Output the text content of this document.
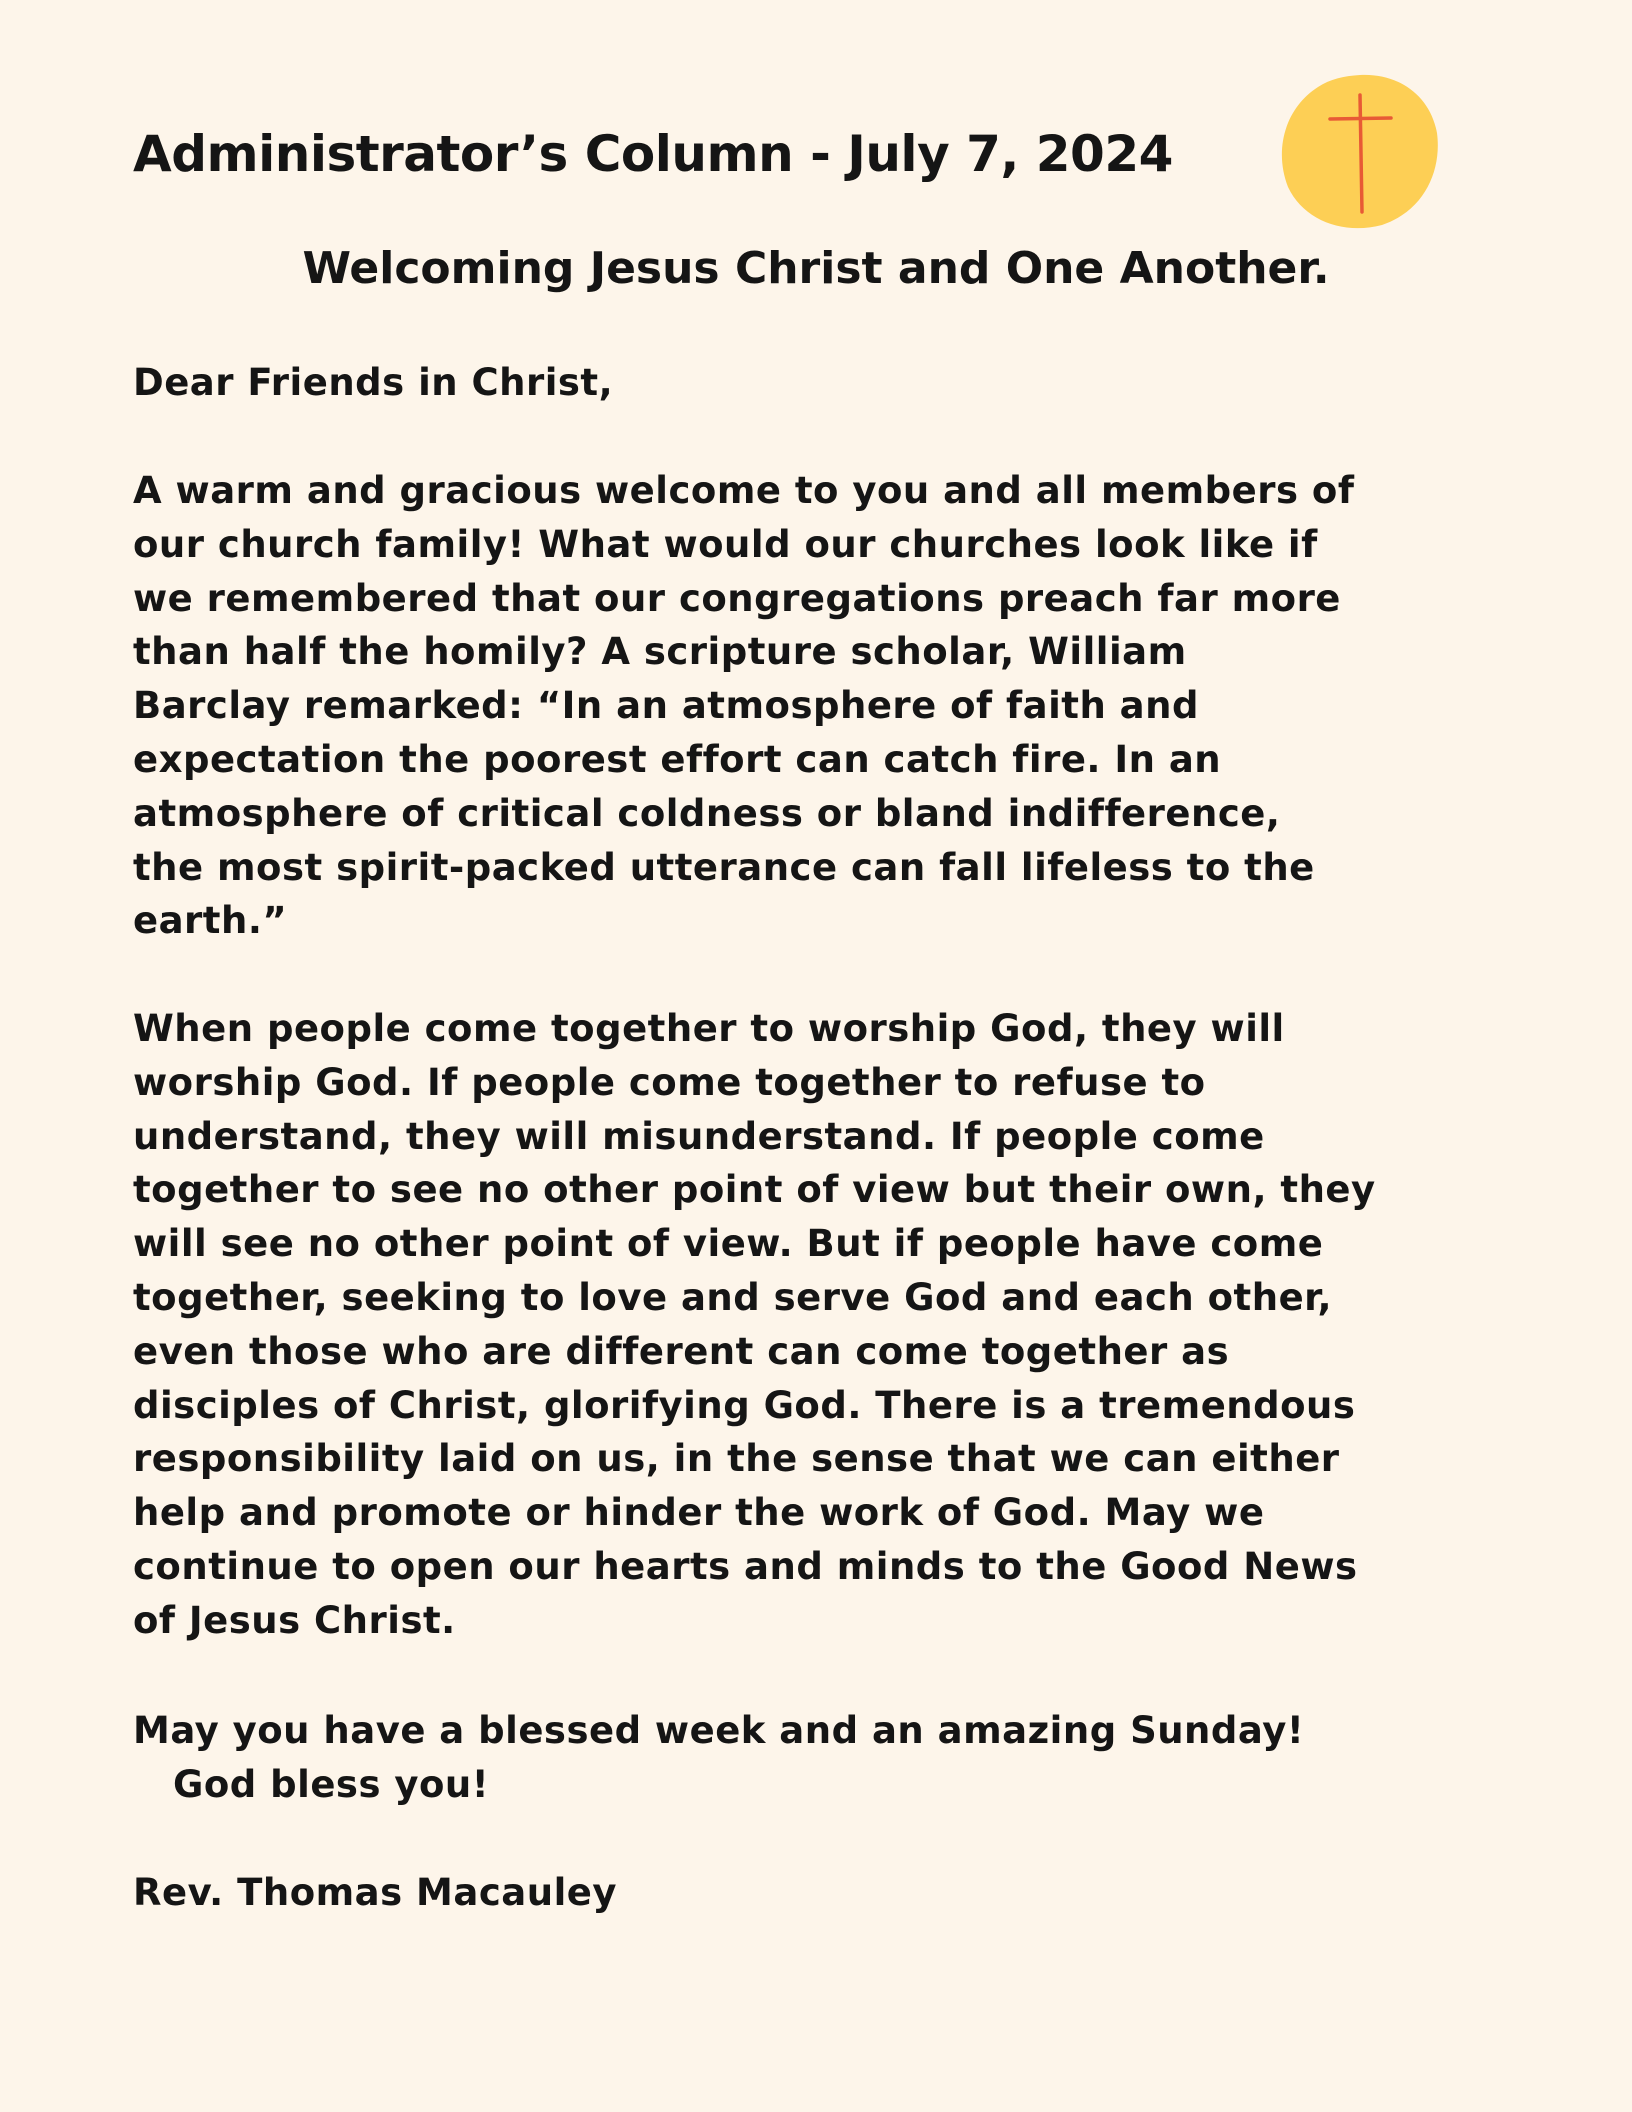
Administrator’s Column - July 7, 2024
Welcoming Jesus Christ and One Another.

Dear Friends in Christ,

A warm and gracious welcome to you and all members of
our church family! What would our churches look like if
we remembered that our congregations preach far more
than half the homily? A scripture scholar, William
Barclay remarked: “In an atmosphere of faith and
expectation the poorest effort can catch fire. In an
atmosphere of critical coldness or bland indifference,
the most spirit-packed utterance can fall lifeless to the
earth.”

When people come together to worship God, they will
worship God. If people come together to refuse to
understand, they will misunderstand. If people come
together to see no other point of view but their own, they
will see no other point of view. But if people have come
together, seeking to love and serve God and each other,
even those who are different can come together as
disciples of Christ, glorifying God. There is a tremendous
responsibility laid on us, in the sense that we can either
help and promote or hinder the work of God. May we
continue to open our hearts and minds to the Good News
of Jesus Christ.

May you have a blessed week and an amazing Sunday!

God bless you!

Rev. Thomas Macauley
